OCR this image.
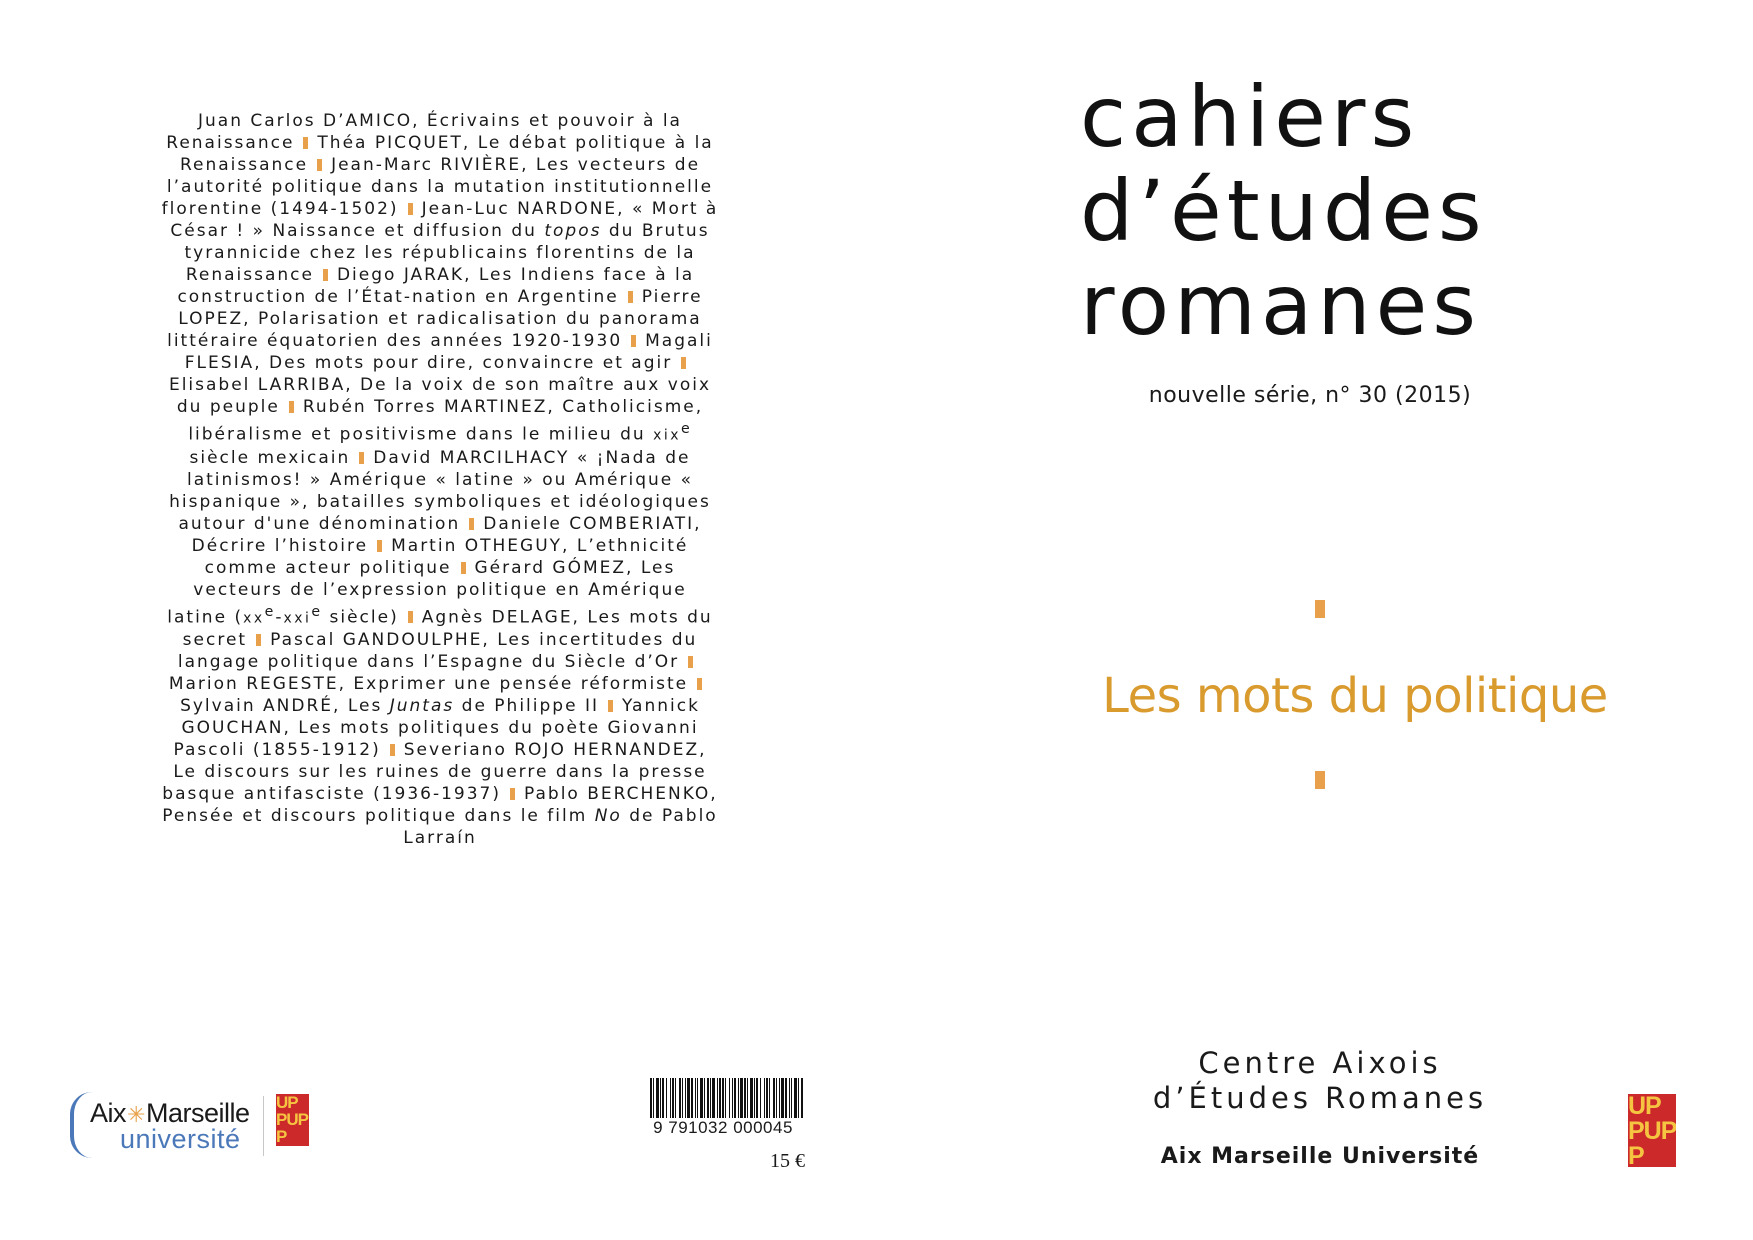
Juan Carlos D’AMICO, Écrivains et pouvoir à la Renaissance Théa PICQUET, Le débat politique à la Renaissance Jean-Marc RIVIÈRE, Les vecteurs de l’autorité politique dans la mutation institutionnelle florentine (1494-1502) Jean-Luc NARDONE, « Mort à César ! » Naissance et diffusion du topos du Brutus tyrannicide chez les républicains florentins de la Renaissance Diego JARAK, Les Indiens face à la construction de l’État-nation en Argentine Pierre LOPEZ, Polarisation et radicalisation du panorama littéraire équatorien des années 1920-1930 Magali FLESIA, Des mots pour dire, convaincre et agirElisabel LARRIBA, De la voix de son maître aux voix du peuple Rubén Torres MARTINEZ, Catholicisme, libéralisme et positivisme dans le milieu du xix$^e$ siècle mexicain David MARCILHACY « ¡Nada de latinismos! » Amérique « latine » ou Amérique « hispanique », batailles symboliques et idéologiques autour d'une dénomination Daniele COMBERIATI, Décrire l’histoire Martin OTHEGUY, L’ethnicité comme acteur politique Gérard GÓMEZ, Les vecteurs de l’expression politique en Amérique latine ($xx^e-xxi^e$ siècle) Agnès DELAGE, Les mots du secret Pascal GANDOULPHE, Les incertitudes du langage politique dans l’Espagne du Siècle d’OrMarion REGESTE, Exprimer une pensée réformisteSylvain ANDRÉ, Les Juntas de Philippe II Yannick GOUCHAN, Les mots politiques du poète Giovanni Pascoli (1855-1912) Severiano ROJO HERNANDEZ, Le discours sur les ruines de guerre dans la presse basque antifasciste (1936-1937) Pablo BERCHENKO, Pensée et discours politique dans le film No de Pablo Larraín
Aix✳Marseille
université
UP
PUP
P	9 791032 000045
15 €
cahiers
d’études
romanes
nouvelle série, n° 30 (2015)
Les mots du politique
Centre Aixois
d’Études Romanes
Aix Marseille Université
UP
PUP
P
